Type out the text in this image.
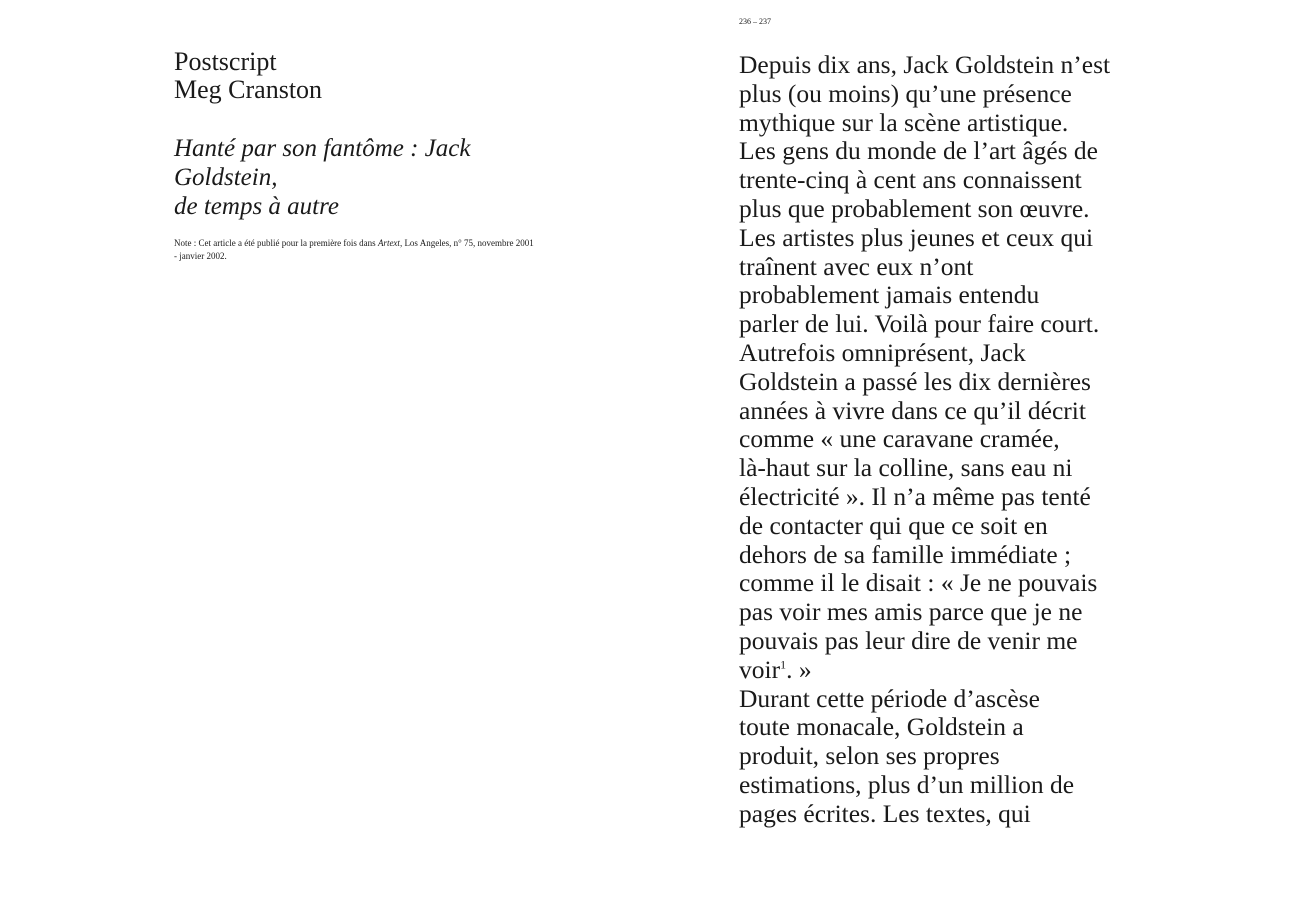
Postscript
Meg Cranston
Hanté par son fantôme : Jack Goldstein,
de temps à autre
Note : Cet article a été publié pour la première fois dans Artext, Los Angeles, n° 75, novembre 2001
- janvier 2002.
236 – 237

Depuis dix ans, Jack Goldstein n’est
plus (ou moins) qu’une présence
mythique sur la scène artistique.
Les gens du monde de l’art âgés de
trente-cinq à cent ans connaissent
plus que probablement son œuvre.
Les artistes plus jeunes et ceux qui
traînent avec eux n’ont
probablement jamais entendu
parler de lui. Voilà pour faire court.
Autrefois omniprésent, Jack
Goldstein a passé les dix dernières
années à vivre dans ce qu’il décrit
comme « une caravane cramée,
là-haut sur la colline, sans eau ni
électricité ». Il n’a même pas tenté
de contacter qui que ce soit en
dehors de sa famille immédiate ;
comme il le disait : « Je ne pouvais
pas voir mes amis parce que je ne
pouvais pas leur dire de venir me
voir$^1$. »

Durant cette période d’ascèse
toute monacale, Goldstein a
produit, selon ses propres
estimations, plus d’un million de
pages écrites. Les textes, qui
